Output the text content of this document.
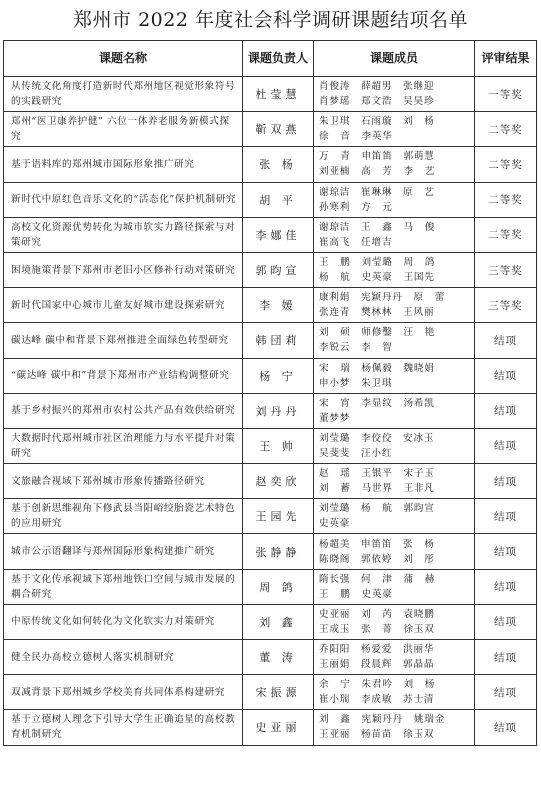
郑州市 2022 年度社会科学调研课题结项名单
课题名称	课题负责人	课题成员	评审结果
从传统文化角度打造新时代郑州地区视觉形象符号的实践研究	杜莹慧	肖俊涛 薛超男 张继迎
肖梦瑶 郑文浩 吴昊珍	一等奖
郑州“医卫康养护健” 六位一体养老服务新模式探究	靳双燕	朱卫琪 石雨璇 刘 杨
徐 音 李英华	二等奖
基于语料库的郑州城市国际形象推广研究	张 杨	万 青 申笛笛 郭萌慧
刘亚楠 高 芳 李 艺	二等奖
新时代中原红色音乐文化的“活态化”保护机制研究	胡 平	谢琼洁 崔琳琳 原 艺
孙寒利 方 元	二等奖
高校文化资源优势转化为城市软实力路径探索与对策研究	李娜佳	谢琼洁 王 鑫 马 俊
崔高飞 任增吉	二等奖
困境施策背景下郑州市老旧小区修补行动对策研究	郭昀宣	王 鹏 刘莹璐 周 鸽
杨 航 史英豪 王国先	三等奖
新时代国家中心城市儿童友好城市建设探索研究	李 媛	康利娟 宪颖丹丹 原 蕾
张连青 樊林林 王风丽	三等奖
碳达峰 碳中和背景下郑州推进全面绿色转型研究	韩団莉	刘 硕 师修鑿 汪 艳
李锐云 李 智	结项
“碳达峰 碳中和”背景下郑州市产业结构调整研究	杨 宁	宋 瑞 杨佩毅 魏晓娟
申小梦 朱卫琪	结项
基于乡村振兴的郑州市农村公共产品有效供给研究	刘丹丹	宋 宵 李显纹 汤希凯
董梦梦	结项
大数据时代郑州城市社区治理能力与水平提升对策研究	王 帅	刘莹璐 李佼佼 安冰玉
吴斐斐 汪小红	结项
文旅融合视域下郑州城市形象传播路径研究	赵奕欣	赵 瑶 王银平 宋子玉
刘 蓄 马世界 王非凡	结项
基于创新思维视角下修武县当阳峪绞胎瓷艺术特色的应用研究	王园先	刘莹璐 杨 航 郭昀宣
史英豪	结项
城市公示语翻译与郑州国际形象构建推广研究	张静静	杨超美 申笛笛 张 杨
陈晓阁 郭依婷 刘 彤	结项
基于文化传承视域下郑州地铁口空间与城市发展的耦合研究	周 鸽	隋长强 何 津 蒲 赫
王 鹏 史英豪	结项
中原传统文化如何转化为文化软实力对策研究	刘 鑫	史亚丽 刘 芮 袁晓鹏
王成玉 张 菁 徐玉双	结项
健全民办高校立德树人落实机制研究	董 涛	乔阳阳 杨爱爱 洪丽华
王丽娟 段晨辉 郭晶晶	结项
双减背景下郑州城乡学校美育共同体系构建研究	宋振源	余 宁 朱君吟 刘 杨
崔小瑞 李成敏 苏士清	结项
基于立德树人理念下引导大学生正确追星的高校教育机制研究	史亚丽	刘 鑫 宪颖丹丹 姚瑞金
王亚丽 杨苗苗 徐玉双	结项
